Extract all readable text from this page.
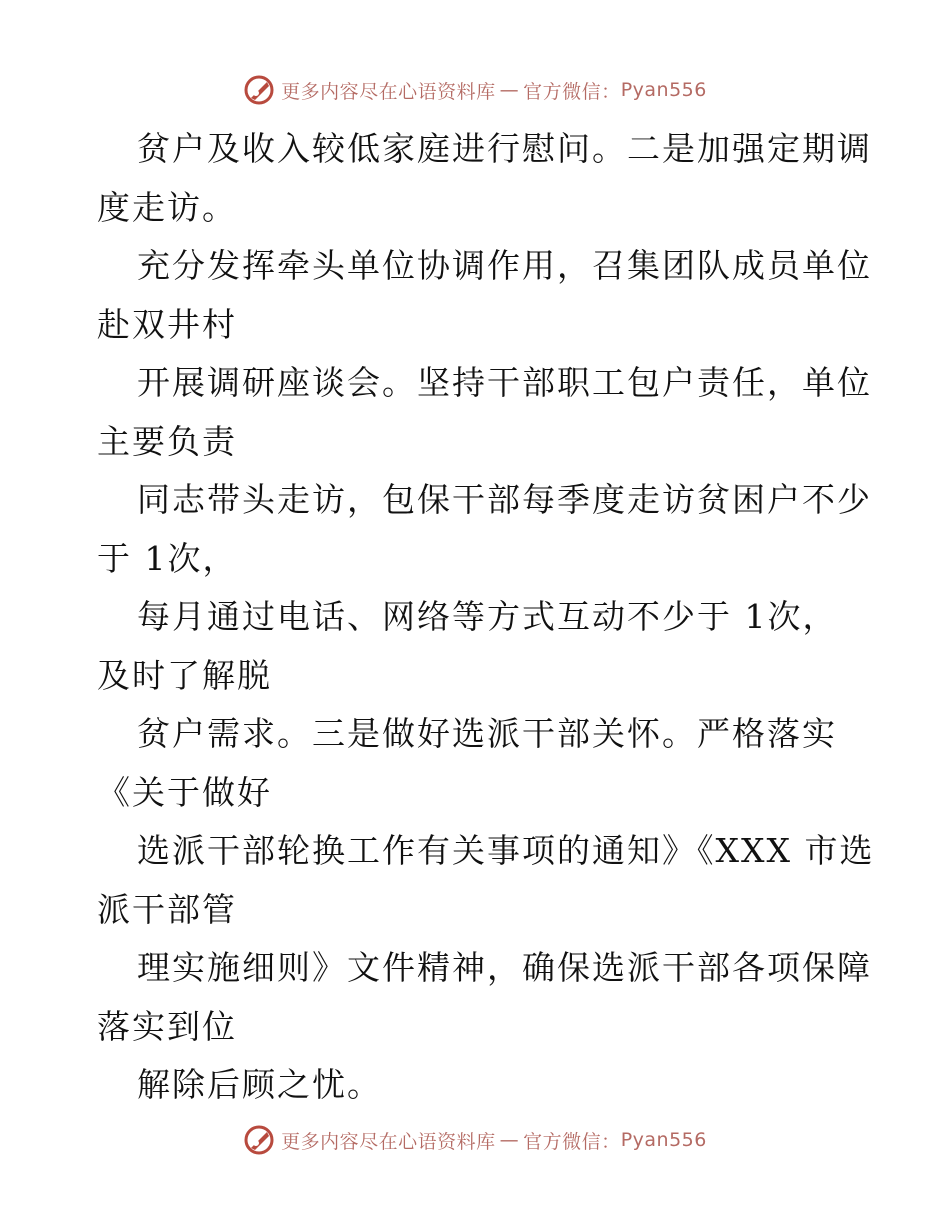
更多内容尽在心语资料库 — 官方微信： Pyan556
贫户及收入较低家庭进行慰问。二是加强定期调
度走访。
充分发挥牵头单位协调作用，召集团队成员单位
赴双井村
开展调研座谈会。坚持干部职工包户责任，单位
主要负责
同志带头走访，包保干部每季度走访贫困户不少
于 1次，
每月通过电话、网络等方式互动不少于 1次，
及时了解脱
贫户需求。三是做好选派干部关怀。严格落实
《关于做好
选派干部轮换工作有关事项的通知》《XXX 市选
派干部管
理实施细则》文件精神，确保选派干部各项保障
落实到位
解除后顾之忧。
更多内容尽在心语资料库 — 官方微信： Pyan556
